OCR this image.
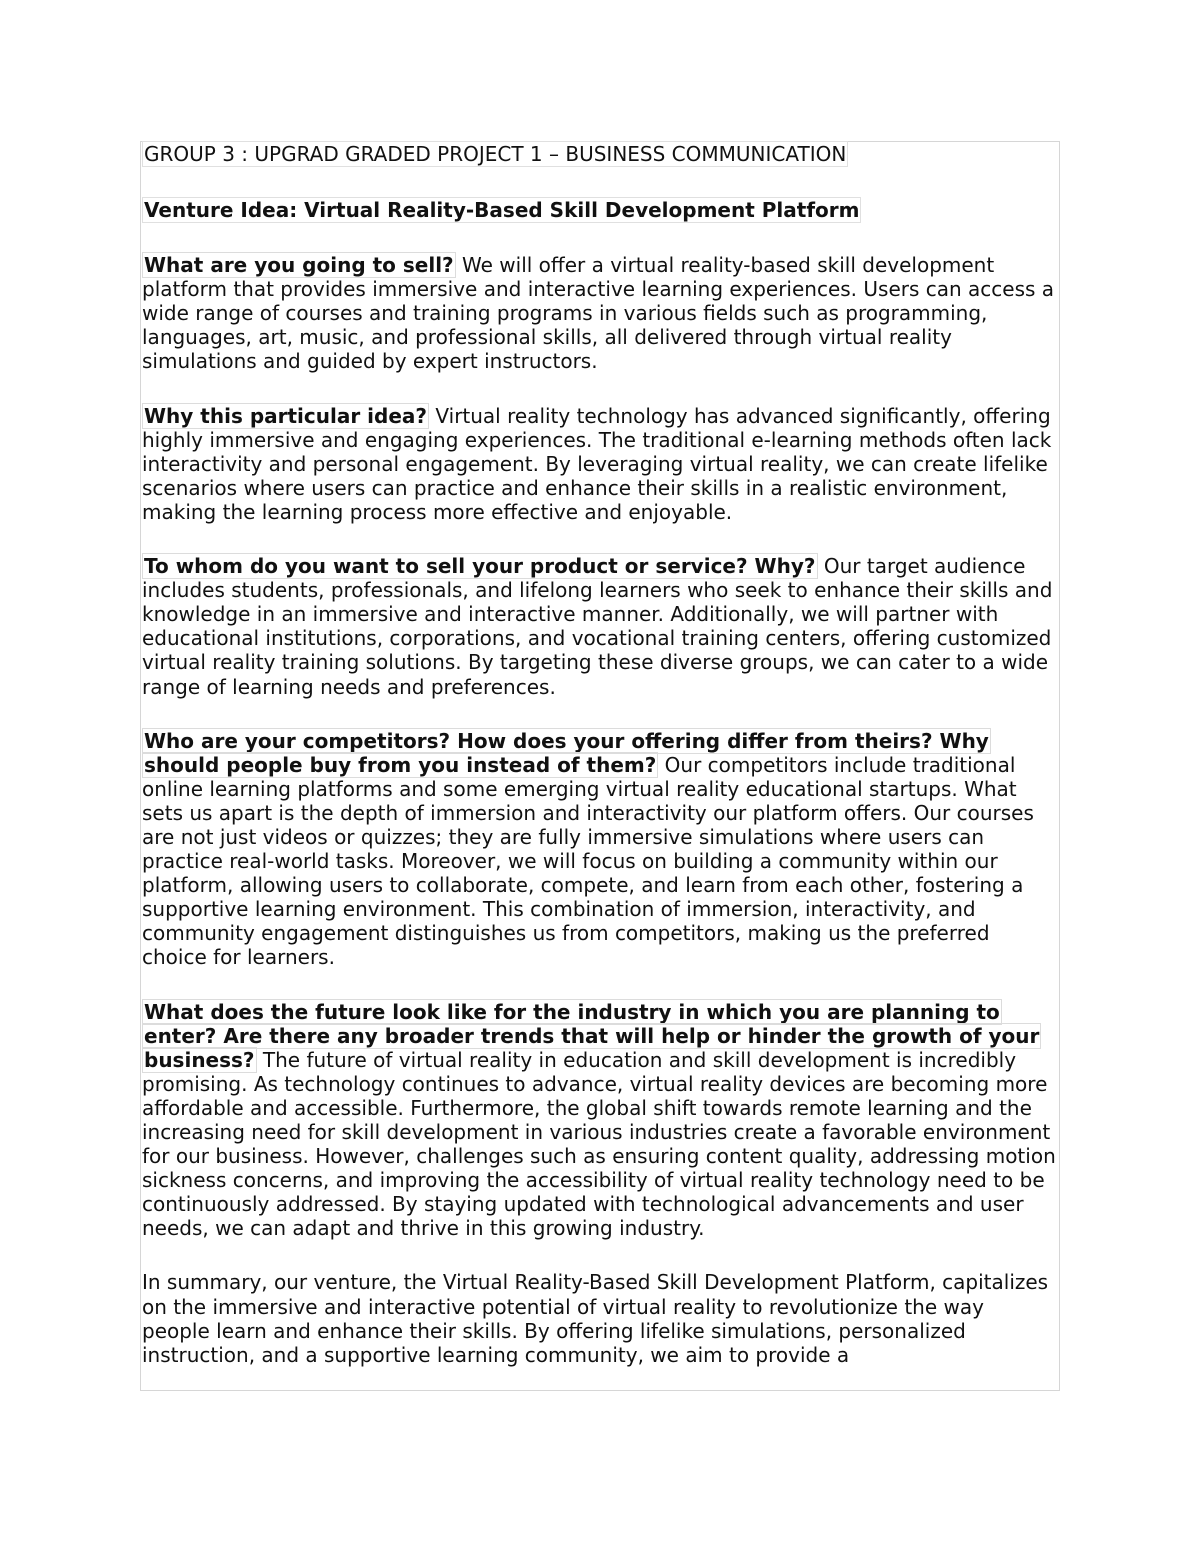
GROUP 3 : UPGRAD GRADED PROJECT 1 – BUSINESS COMMUNICATION Venture Idea: Virtual Reality-Based Skill Development Platform

What are you going to sell? We will offer a virtual reality-based skill development platform that provides immersive and interactive learning experiences. Users can access a wide range of courses and training programs in various fields such as programming, languages, art, music, and professional skills, all delivered through virtual reality simulations and guided by expert instructors.

Why this particular idea? Virtual reality technology has advanced significantly, offering highly immersive and engaging experiences. The traditional e-learning methods often lack interactivity and personal engagement. By leveraging virtual reality, we can create lifelike scenarios where users can practice and enhance their skills in a realistic environment, making the learning process more effective and enjoyable.

To whom do you want to sell your product or service? Why? Our target audience includes students, professionals, and lifelong learners who seek to enhance their skills and knowledge in an immersive and interactive manner. Additionally, we will partner with educational institutions, corporations, and vocational training centers, offering customized virtual reality training solutions. By targeting these diverse groups, we can cater to a wide range of learning needs and preferences.

Who are your competitors? How does your offering differ from theirs? Why should people buy from you instead of them? Our competitors include traditional online learning platforms and some emerging virtual reality educational startups. What sets us apart is the depth of immersion and interactivity our platform offers. Our courses are not just videos or quizzes; they are fully immersive simulations where users can practice real-world tasks. Moreover, we will focus on building a community within our platform, allowing users to collaborate, compete, and learn from each other, fostering a supportive learning environment. This combination of immersion, interactivity, and community engagement distinguishes us from competitors, making us the preferred choice for learners.

What does the future look like for the industry in which you are planning to enter? Are there any broader trends that will help or hinder the growth of your business? The future of virtual reality in education and skill development is incredibly promising. As technology continues to advance, virtual reality devices are becoming more affordable and accessible. Furthermore, the global shift towards remote learning and the increasing need for skill development in various industries create a favorable environment for our business. However, challenges such as ensuring content quality, addressing motion sickness concerns, and improving the accessibility of virtual reality technology need to be continuously addressed. By staying updated with technological advancements and user needs, we can adapt and thrive in this growing industry.

In summary, our venture, the Virtual Reality-Based Skill Development Platform, capitalizes on the immersive and interactive potential of virtual reality to revolutionize the way people learn and enhance their skills. By offering lifelike simulations, personalized instruction, and a supportive learning community, we aim to provide a
